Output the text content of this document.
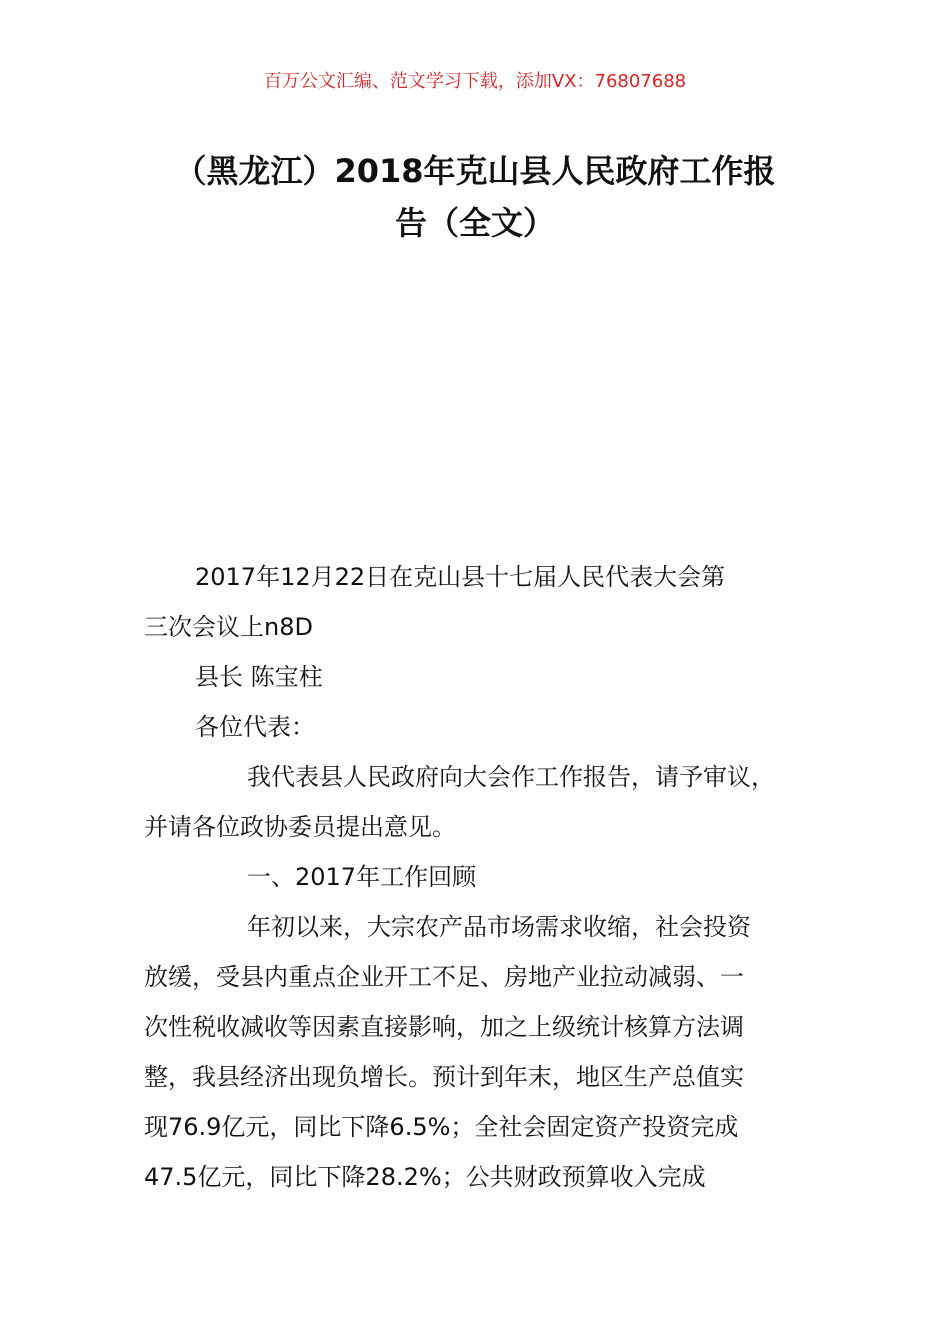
百万公文汇编、范文学习下载，添加VX：76807688
（黑龙江）2018年克山县人民政府工作报
告（全文）
2017年12月22日在克山县十七届人民代表大会第
三次会议上n8D
县长 陈宝柱
各位代表：
我代表县人民政府向大会作工作报告，请予审议，
并请各位政协委员提出意见。
一、2017年工作回顾
年初以来，大宗农产品市场需求收缩，社会投资
放缓，受县内重点企业开工不足、房地产业拉动减弱、一
次性税收减收等因素直接影响，加之上级统计核算方法调
整，我县经济出现负增长。预计到年末，地区生产总值实
现76.9亿元，同比下降6.5%；全社会固定资产投资完成
47.5亿元，同比下降28.2%；公共财政预算收入完成
